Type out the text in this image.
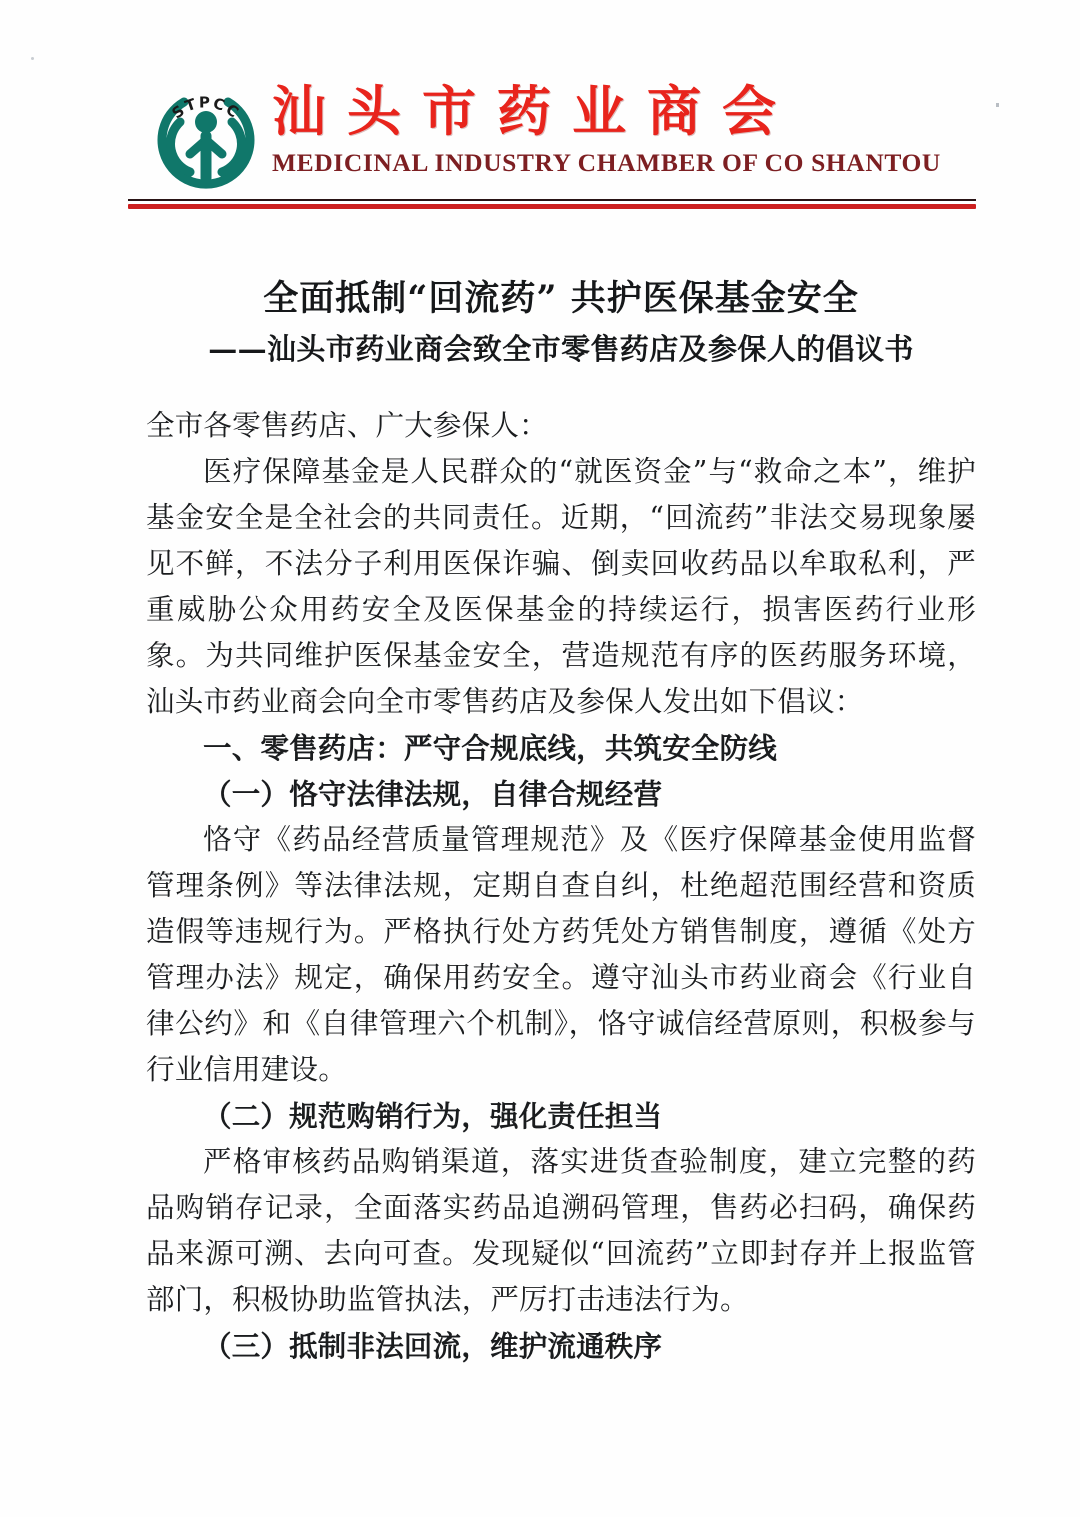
STPCC 汕头市药业商会
MEDICINAL INDUSTRY CHAMBER OF CO SHANTOU
全面抵制“回流药” 共护医保基金安全
——汕头市药业商会致全市零售药店及参保人的倡议书

全市各零售药店、广大参保人：

医疗保障基金是人民群众的“就医资金”与“救命之本”，维护基金安全是全社会的共同责任。近期，“回流药”非法交易现象屡见不鲜，不法分子利用医保诈骗、倒卖回收药品以牟取私利，严重威胁公众用药安全及医保基金的持续运行，损害医药行业形象。为共同维护医保基金安全，营造规范有序的医药服务环境，汕头市药业商会向全市零售药店及参保人发出如下倡议：

一、零售药店：严守合规底线，共筑安全防线

（一）恪守法律法规，自律合规经营

恪守《药品经营质量管理规范》及《医疗保障基金使用监督管理条例》等法律法规，定期自查自纠，杜绝超范围经营和资质造假等违规行为。严格执行处方药凭处方销售制度，遵循《处方管理办法》规定，确保用药安全。遵守汕头市药业商会《行业自律公约》和《自律管理六个机制》，恪守诚信经营原则，积极参与行业信用建设。

（二）规范购销行为，强化责任担当

严格审核药品购销渠道，落实进货查验制度，建立完整的药品购销存记录，全面落实药品追溯码管理，售药必扫码，确保药品来源可溯、去向可查。发现疑似“回流药”立即封存并上报监管部门，积极协助监管执法，严厉打击违法行为。

（三）抵制非法回流，维护流通秩序
